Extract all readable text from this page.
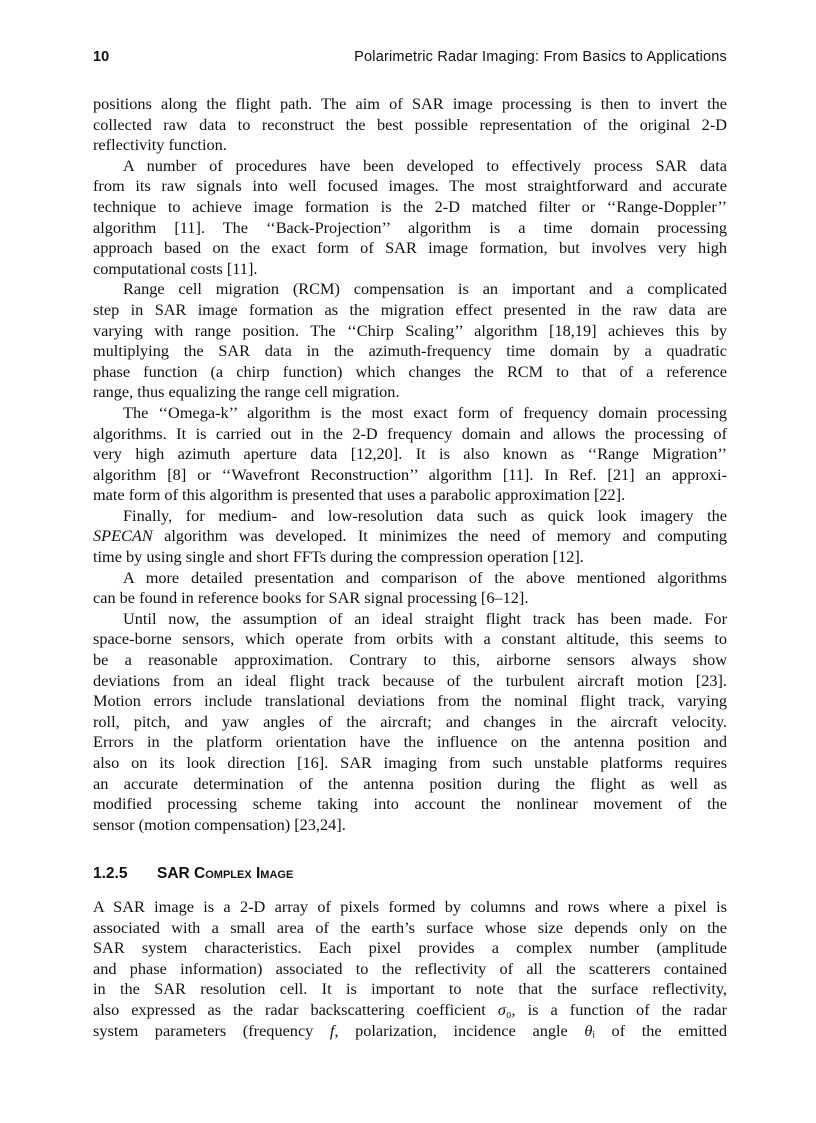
10	Polarimetric Radar Imaging: From Basics to Applications
positions along the flight path. The aim of SAR image processing is then to invert the
collected raw data to reconstruct the best possible representation of the original 2-D
reflectivity function.
A number of procedures have been developed to effectively process SAR data
from its raw signals into well focused images. The most straightforward and accurate
technique to achieve image formation is the 2-D matched filter or ‘‘Range-Doppler’’
algorithm [11]. The ‘‘Back-Projection’’ algorithm is a time domain processing
approach based on the exact form of SAR image formation, but involves very high
computational costs [11].
Range cell migration (RCM) compensation is an important and a complicated
step in SAR image formation as the migration effect presented in the raw data are
varying with range position. The ‘‘Chirp Scaling’’ algorithm [18,19] achieves this by
multiplying the SAR data in the azimuth-frequency time domain by a quadratic
phase function (a chirp function) which changes the RCM to that of a reference
range, thus equalizing the range cell migration.
The ‘‘Omega-k’’ algorithm is the most exact form of frequency domain processing
algorithms. It is carried out in the 2-D frequency domain and allows the processing of
very high azimuth aperture data [12,20]. It is also known as ‘‘Range Migration’’
algorithm [8] or ‘‘Wavefront Reconstruction’’ algorithm [11]. In Ref. [21] an approxi-
mate form of this algorithm is presented that uses a parabolic approximation [22].
Finally, for medium- and low-resolution data such as quick look imagery the
SPECAN algorithm was developed. It minimizes the need of memory and computing
time by using single and short FFTs during the compression operation [12].
A more detailed presentation and comparison of the above mentioned algorithms
can be found in reference books for SAR signal processing [6–12].
Until now, the assumption of an ideal straight flight track has been made. For
space-borne sensors, which operate from orbits with a constant altitude, this seems to
be a reasonable approximation. Contrary to this, airborne sensors always show
deviations from an ideal flight track because of the turbulent aircraft motion [23].
Motion errors include translational deviations from the nominal flight track, varying
roll, pitch, and yaw angles of the aircraft; and changes in the aircraft velocity.
Errors in the platform orientation have the influence on the antenna position and
also on its look direction [16]. SAR imaging from such unstable platforms requires
an accurate determination of the antenna position during the flight as well as
modified processing scheme taking into account the nonlinear movement of the
sensor (motion compensation) [23,24].
1.2.5 SAR Complex Image
A SAR image is a 2-D array of pixels formed by columns and rows where a pixel is
associated with a small area of the earth’s surface whose size depends only on the
SAR system characteristics. Each pixel provides a complex number (amplitude
and phase information) associated to the reflectivity of all the scatterers contained
in the SAR resolution cell. It is important to note that the surface reflectivity,
also expressed as the radar backscattering coefficient σ₀, is a function of the radar
system parameters (frequency f, polarization, incidence angle θᵢ of the emitted
